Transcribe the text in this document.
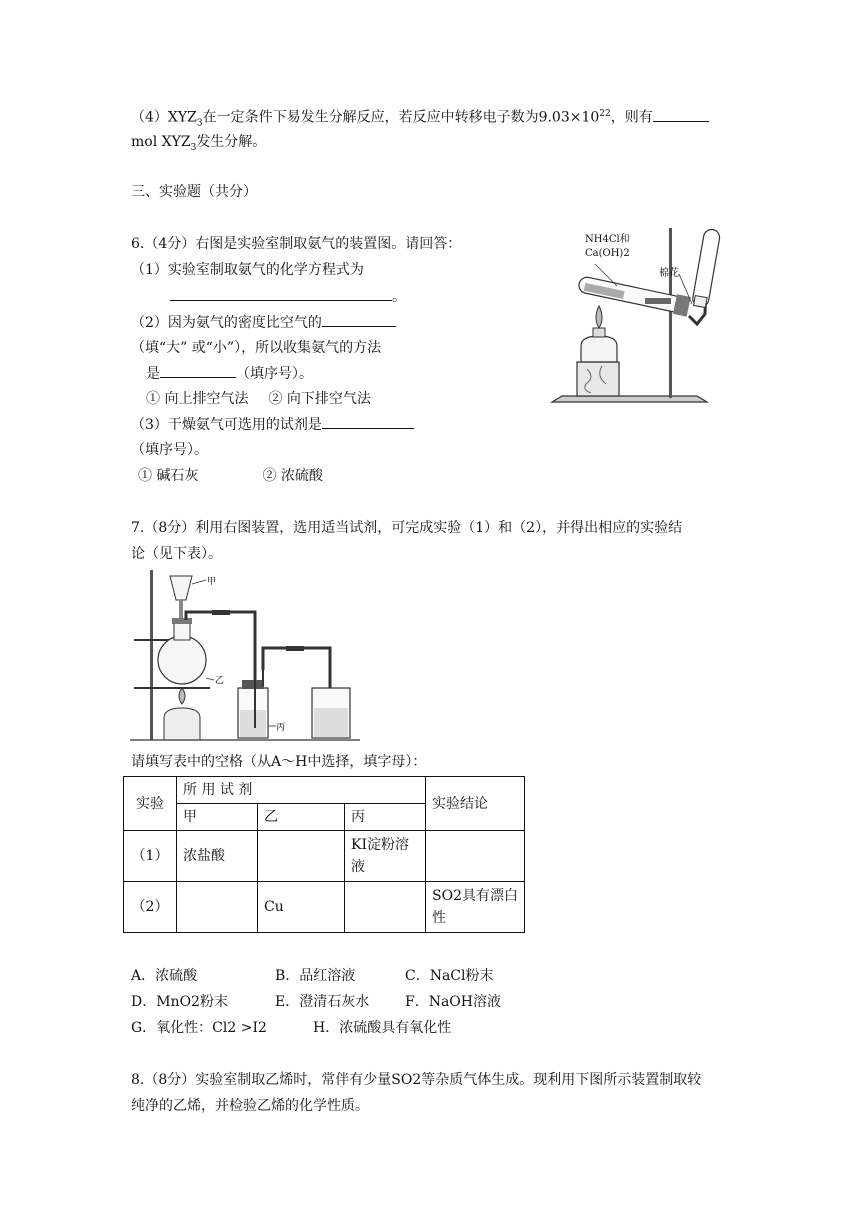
$(4)XYZ_3$在一定条件下易发生分解反应，若反应中转移电子数为$9.03\times 10^{22}$，则有
mol $XYZ_3$发生分解。
三、实验题（共分）
6.（4分）右图是实验室制取氨气的装置图。请回答：
（1）实验室制取氨气的化学方程式为
。
（2）因为氨气的密度比空气的
（填“大” 或“小”），所以收集氨气的方法
是	（填序号）。
① 向上排空气法 ② 向下排空气法
（3）干燥氨气可选用的试剂是
（填序号）。
① 碱石灰	② 浓硫酸
NH4Cl和
Ca(OH)2
棉花
7.（8分）利用右图装置，选用适当试剂，可完成实验（1）和（2），并得出相应的实验结
论（见下表）。
甲
乙
丙
请填写表中的空格（从A～H中选择，填字母）：
实验	所 用 试 剂			实验结论
	甲	乙	丙	
（1）	浓盐酸		KI淀粉溶液	
（2）		Cu		SO2具有漂白性
A．浓硫酸	B．品红溶液	C．NaCl粉末
D．MnO2粉末	E．澄清石灰水	F．NaOH溶液
G．氧化性：Cl2 >I2	H．浓硫酸具有氧化性
8.（8分）实验室制取乙烯时，常伴有少量SO2等杂质气体生成。现利用下图所示装置制取较
纯净的乙烯，并检验乙烯的化学性质。
